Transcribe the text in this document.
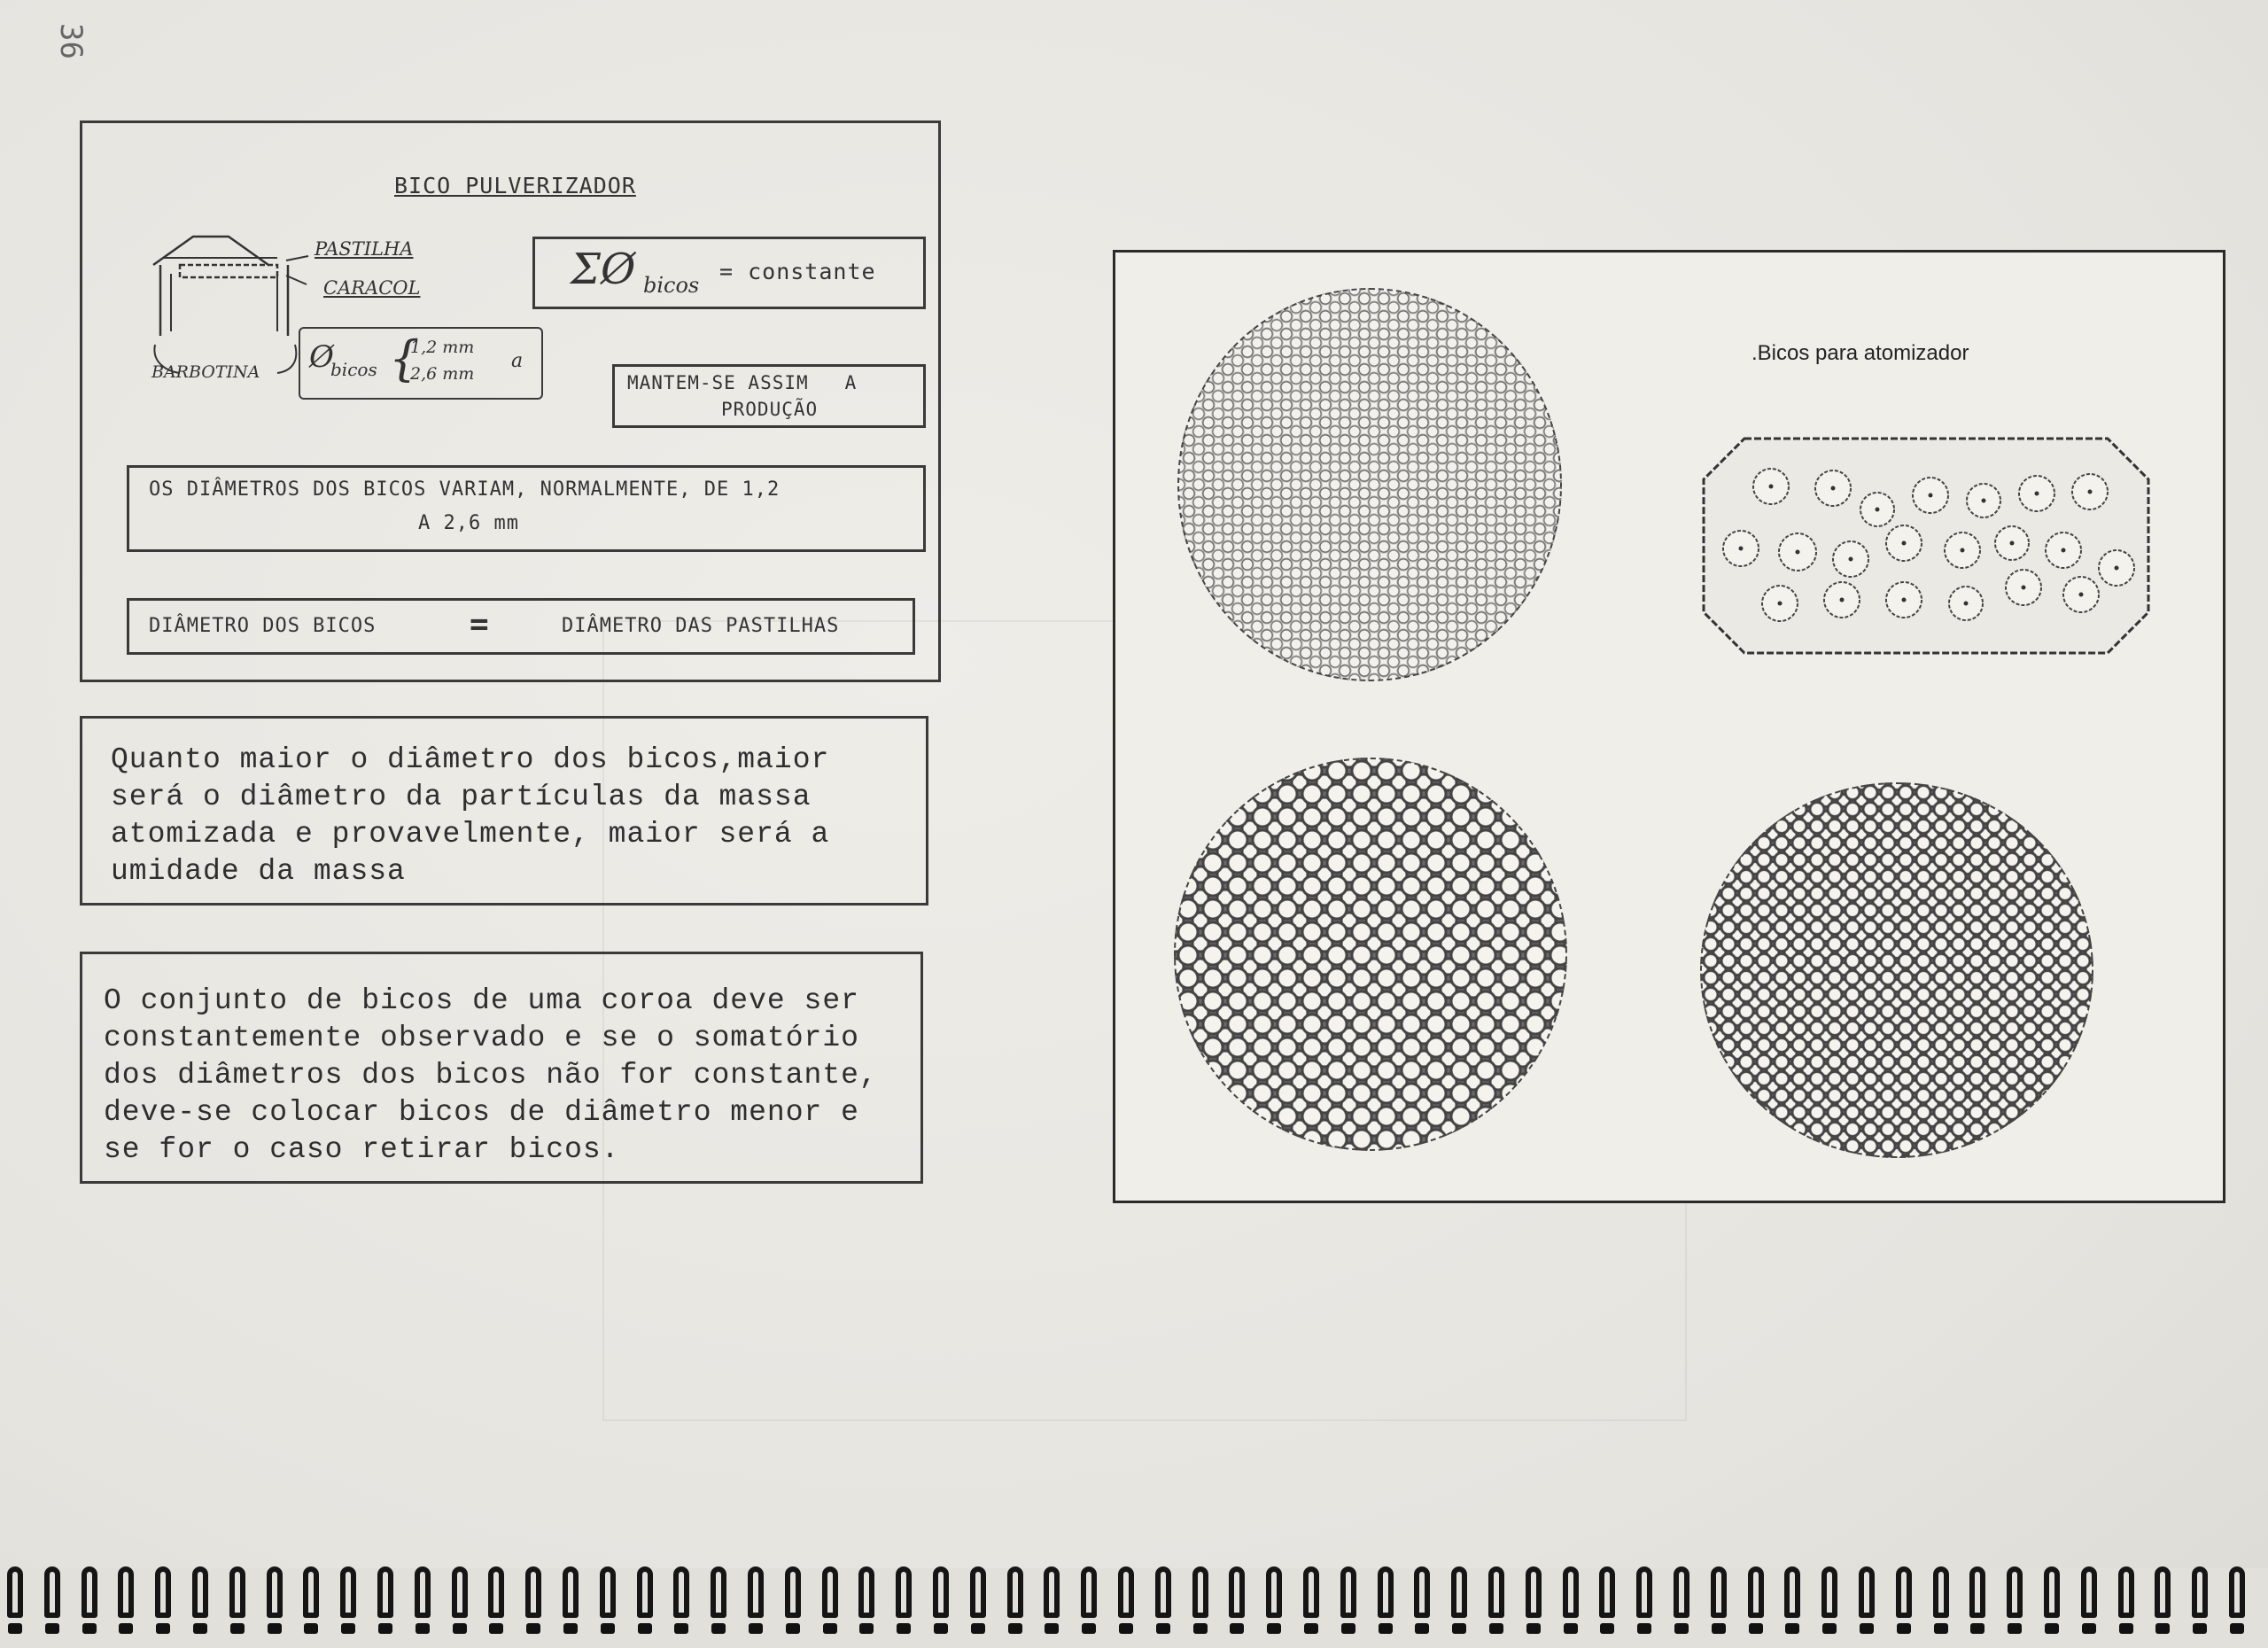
36
BICO PULVERIZADOR
PASTILHA
CARACOL
BARBOTINA
ΣØ bicos
= constante
Ø
bicos {
1,2 mm
2,6 mm
a
MANTEM-SE ASSIM   A
PRODUÇÃO
OS DIÂMETROS DOS BICOS VARIAM, NORMALMENTE, DE 1,2
A 2,6 mm
DIÂMETRO DOS BICOS	=	DIÂMETRO DAS PASTILHAS
Quanto maior o diâmetro dos bicos,maior
será o diâmetro da partículas da massa
atomizada e provavelmente, maior será a
umidade da massa
O conjunto de bicos de uma coroa deve ser
constantemente observado e se o somatório
dos diâmetros dos bicos não for constante,
deve-se colocar bicos de diâmetro menor e
se for o caso retirar bicos.
.Bicos para atomizador
